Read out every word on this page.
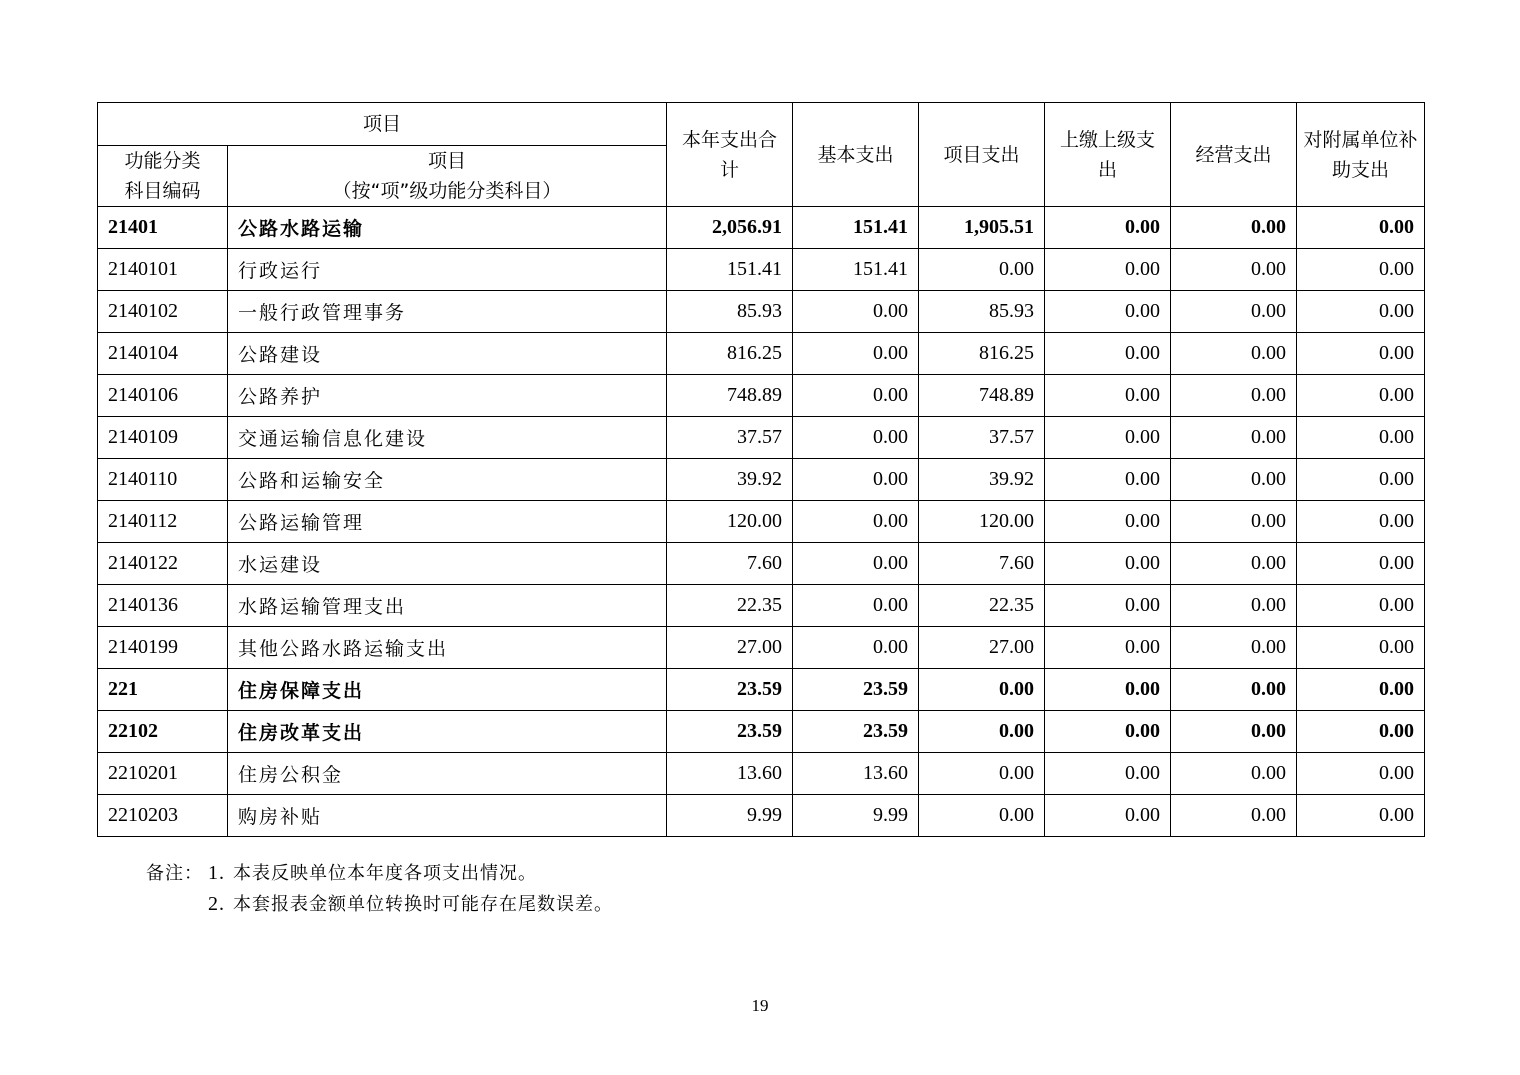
项目		本年支出合计	基本支出	项目支出	上缴上级支出	经营支出	对附属单位补助支出
功能分类科目编码	项目
（按“项”级功能分类科目）						

21401	公路水路运输	2,056.91	151.41	1,905.51	0.00	0.00	0.00
2140101	行政运行	151.41	151.41	0.00	0.00	0.00	0.00
2140102	一般行政管理事务	85.93	0.00	85.93	0.00	0.00	0.00
2140104	公路建设	816.25	0.00	816.25	0.00	0.00	0.00
2140106	公路养护	748.89	0.00	748.89	0.00	0.00	0.00
2140109	交通运输信息化建设	37.57	0.00	37.57	0.00	0.00	0.00
2140110	公路和运输安全	39.92	0.00	39.92	0.00	0.00	0.00
2140112	公路运输管理	120.00	0.00	120.00	0.00	0.00	0.00
2140122	水运建设	7.60	0.00	7.60	0.00	0.00	0.00
2140136	水路运输管理支出	22.35	0.00	22.35	0.00	0.00	0.00
2140199	其他公路水路运输支出	27.00	0.00	27.00	0.00	0.00	0.00
221	住房保障支出	23.59	23.59	0.00	0.00	0.00	0.00
22102	住房改革支出	23.59	23.59	0.00	0.00	0.00	0.00
2210201	住房公积金	13.60	13.60	0.00	0.00	0.00	0.00
2210203	购房补贴	9.99	9.99	0.00	0.00	0.00	0.00
备注： 1. 本表反映单位本年度各项支出情况。
2. 本套报表金额单位转换时可能存在尾数误差。
19
